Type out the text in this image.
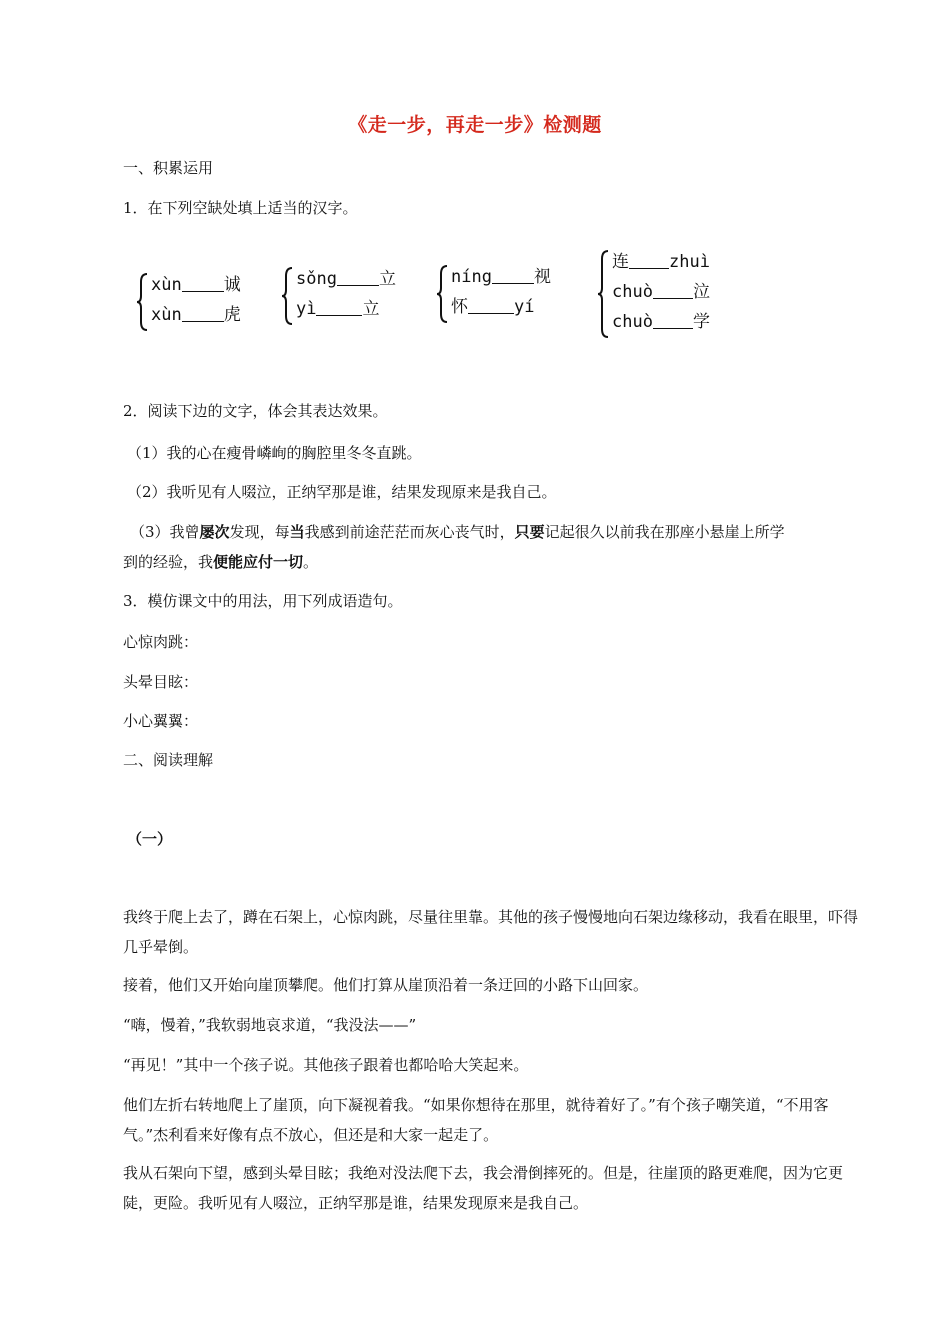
《走一步，再走一步》检测题
一、积累运用
1．在下列空缺处填上适当的汉字。
xùn 诚
xùn 虎
sǒng 立
yì	立
níng 视
怀	yí
连 zhuì
chuò 泣
chuò 学
2．阅读下边的文字，体会其表达效果。
（1）我的心在瘦骨嶙峋的胸腔里冬冬直跳。
（2）我听见有人啜泣，正纳罕那是谁，结果发现原来是我自己。
（3）我曾屡次发现，每当我感到前途茫茫而灰心丧气时，只要记起很久以前我在那座小悬崖上所学
到的经验，我便能应付一切。
3．模仿课文中的用法，用下列成语造句。
心惊肉跳：
头晕目眩：
小心翼翼：
二、阅读理解
（一）
我终于爬上去了，蹲在石架上，心惊肉跳，尽量往里靠。其他的孩子慢慢地向石架边缘移动，我看在眼里，吓得几乎晕倒。
接着，他们又开始向崖顶攀爬。他们打算从崖顶沿着一条迂回的小路下山回家。
“嗨，慢着，”我软弱地哀求道，“我没法——”
“再见！”其中一个孩子说。其他孩子跟着也都哈哈大笑起来。
他们左折右转地爬上了崖顶，向下凝视着我。“如果你想待在那里，就待着好了。”有个孩子嘲笑道，“不用客气。”杰利看来好像有点不放心，但还是和大家一起走了。
我从石架向下望，感到头晕目眩；我绝对没法爬下去，我会滑倒摔死的。但是，往崖顶的路更难爬，因为它更陡，更险。我听见有人啜泣，正纳罕那是谁，结果发现原来是我自己。
